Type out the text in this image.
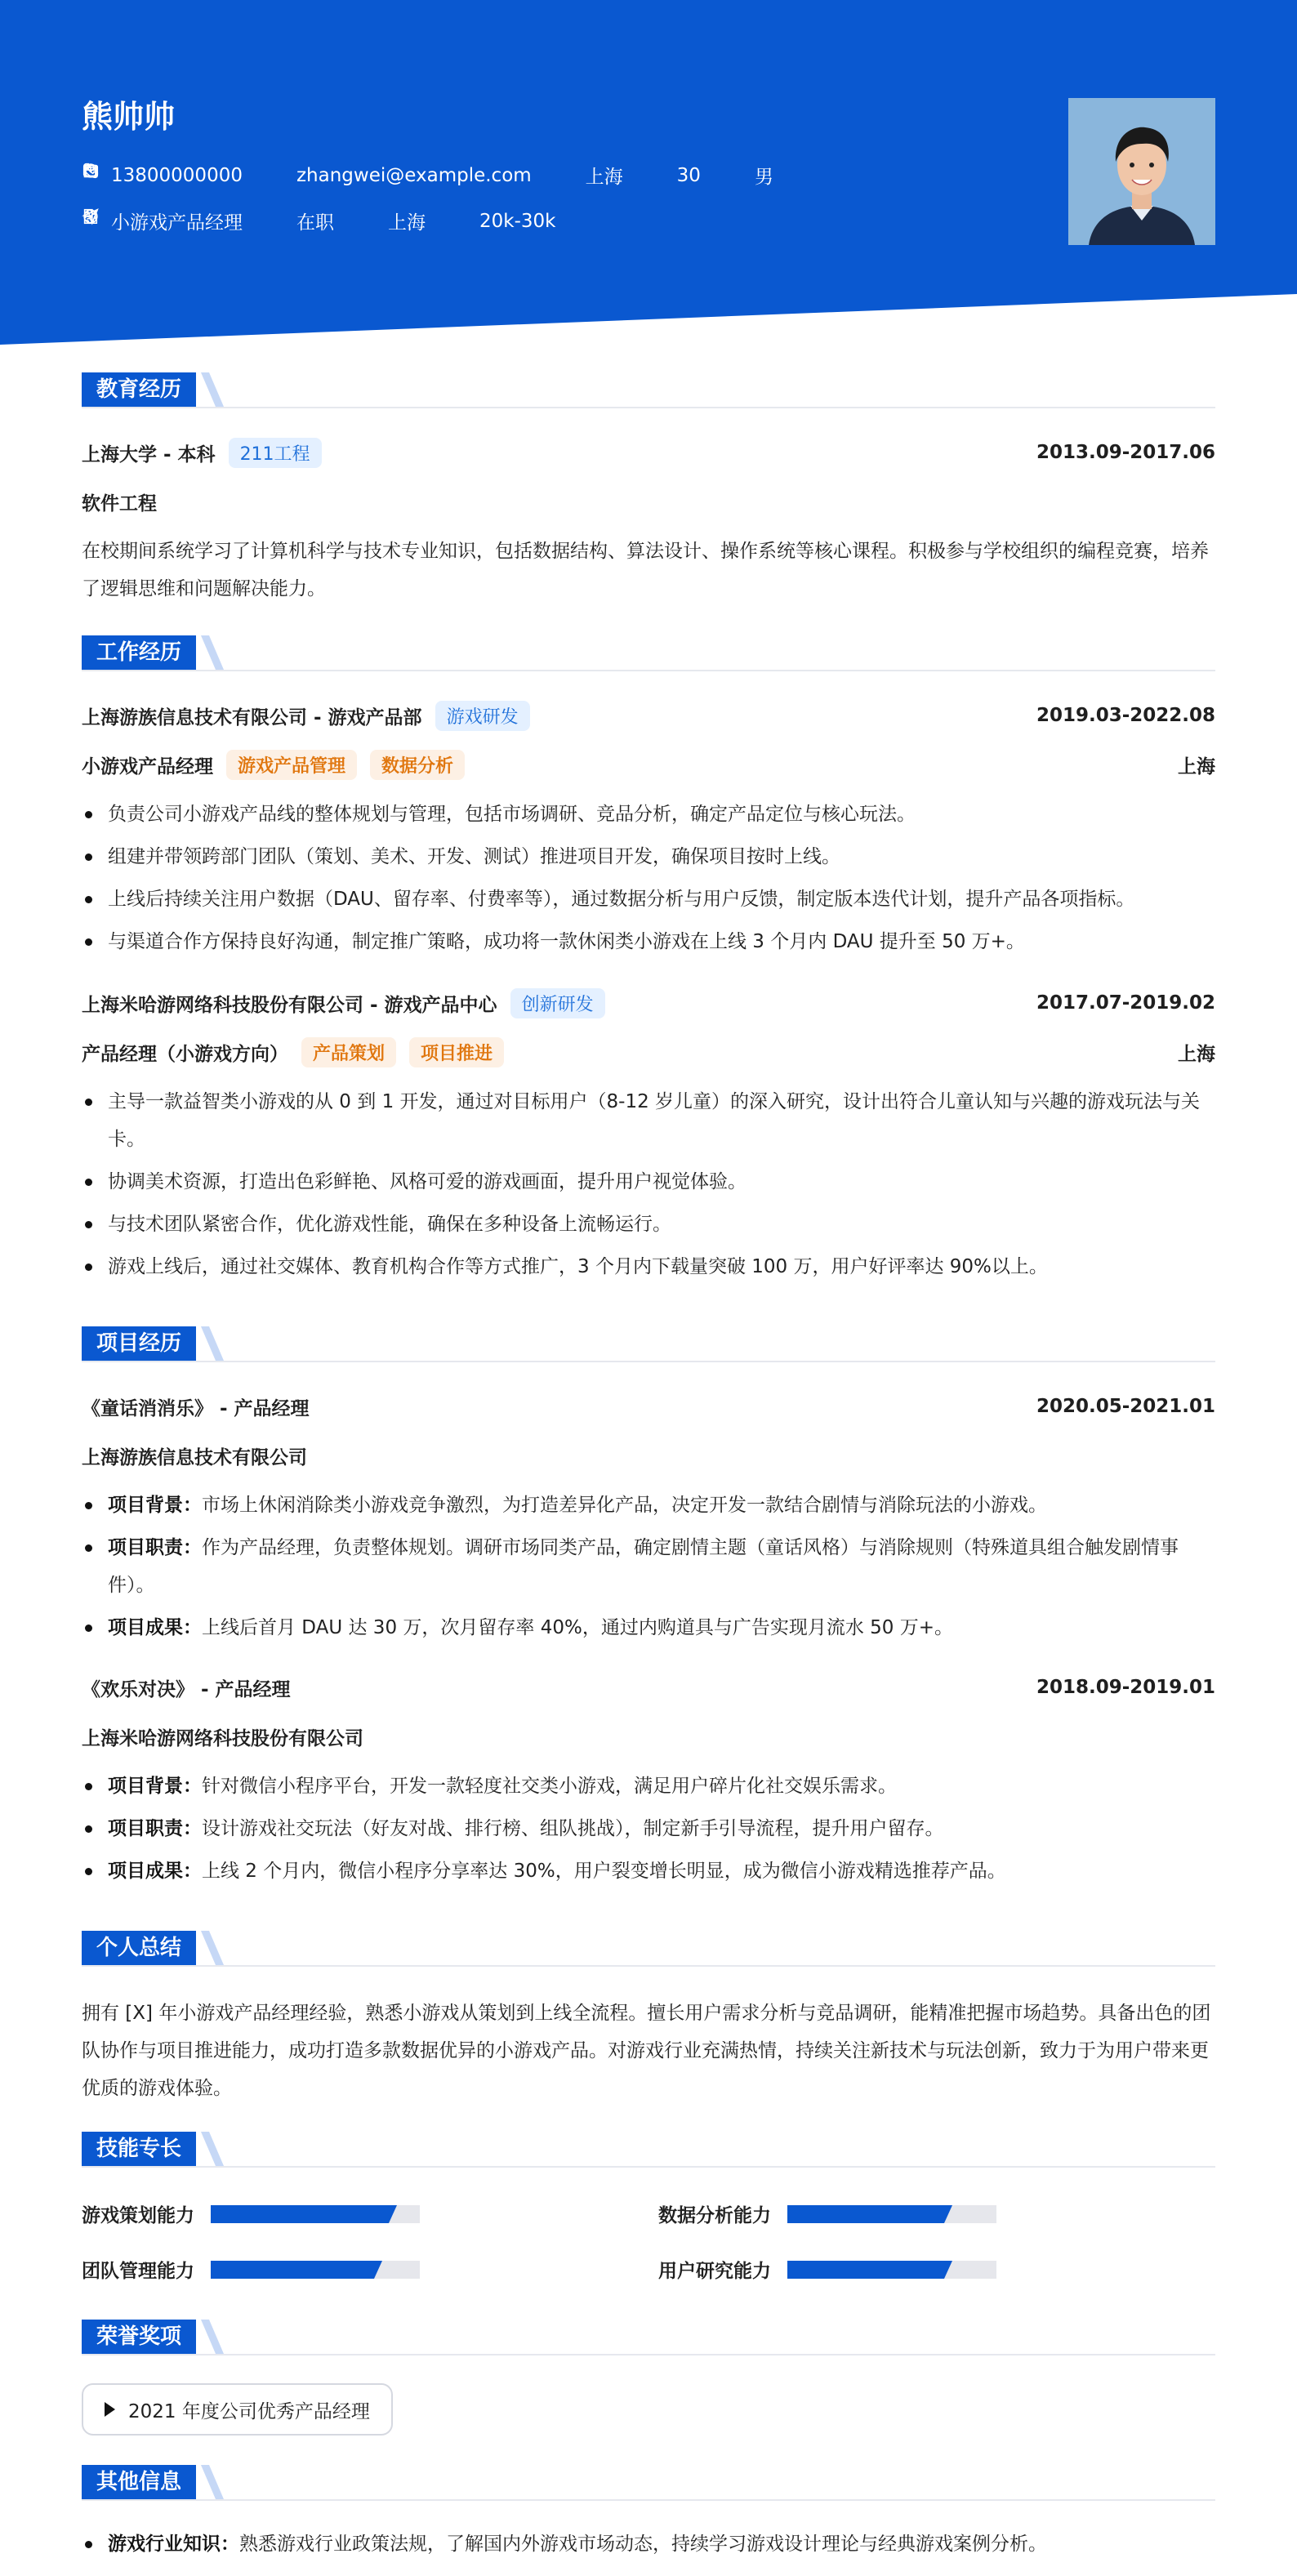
熊帅帅
13800000000	zhangwei@example.com	上海	30	男
小游戏产品经理	在职	上海	20k-30k
教育经历
上海大学 - 本科	211工程	2013.09-2017.06
软件工程
在校期间系统学习了计算机科学与技术专业知识，包括数据结构、算法设计、操作系统等核心课程。积极参与学校组织的编程竞赛，培养了逻辑思维和问题解决能力。
工作经历
上海游族信息技术有限公司 - 游戏产品部	游戏研发	2019.03-2022.08
小游戏产品经理	游戏产品管理	数据分析	上海
负责公司小游戏产品线的整体规划与管理，包括市场调研、竞品分析，确定产品定位与核心玩法。
组建并带领跨部门团队（策划、美术、开发、测试）推进项目开发，确保项目按时上线。
上线后持续关注用户数据（DAU、留存率、付费率等），通过数据分析与用户反馈，制定版本迭代计划，提升产品各项指标。
与渠道合作方保持良好沟通，制定推广策略，成功将一款休闲类小游戏在上线 3 个月内 DAU 提升至 50 万+。
上海米哈游网络科技股份有限公司 - 游戏产品中心	创新研发	2017.07-2019.02
产品经理（小游戏方向）	产品策划	项目推进	上海
主导一款益智类小游戏的从 0 到 1 开发，通过对目标用户（8-12 岁儿童）的深入研究，设计出符合儿童认知与兴趣的游戏玩法与关卡。
协调美术资源，打造出色彩鲜艳、风格可爱的游戏画面，提升用户视觉体验。
与技术团队紧密合作，优化游戏性能，确保在多种设备上流畅运行。
游戏上线后，通过社交媒体、教育机构合作等方式推广，3 个月内下载量突破 100 万，用户好评率达 90%以上。
项目经历
《童话消消乐》 - 产品经理	2020.05-2021.01
上海游族信息技术有限公司
项目背景：市场上休闲消除类小游戏竞争激烈，为打造差异化产品，决定开发一款结合剧情与消除玩法的小游戏。
项目职责：作为产品经理，负责整体规划。调研市场同类产品，确定剧情主题（童话风格）与消除规则（特殊道具组合触发剧情事件）。
项目成果：上线后首月 DAU 达 30 万，次月留存率 40%，通过内购道具与广告实现月流水 50 万+。
《欢乐对决》 - 产品经理	2018.09-2019.01
上海米哈游网络科技股份有限公司
项目背景：针对微信小程序平台，开发一款轻度社交类小游戏，满足用户碎片化社交娱乐需求。
项目职责：设计游戏社交玩法（好友对战、排行榜、组队挑战），制定新手引导流程，提升用户留存。
项目成果：上线 2 个月内，微信小程序分享率达 30%，用户裂变增长明显，成为微信小游戏精选推荐产品。
个人总结
拥有 [X] 年小游戏产品经理经验，熟悉小游戏从策划到上线全流程。擅长用户需求分析与竞品调研，能精准把握市场趋势。具备出色的团队协作与项目推进能力，成功打造多款数据优异的小游戏产品。对游戏行业充满热情，持续关注新技术与玩法创新，致力于为用户带来更优质的游戏体验。
技能专长
游戏策划能力	数据分析能力
团队管理能力	用户研究能力
荣誉奖项
2021 年度公司优秀产品经理
其他信息
游戏行业知识：熟悉游戏行业政策法规，了解国内外游戏市场动态，持续学习游戏设计理论与经典游戏案例分析。
